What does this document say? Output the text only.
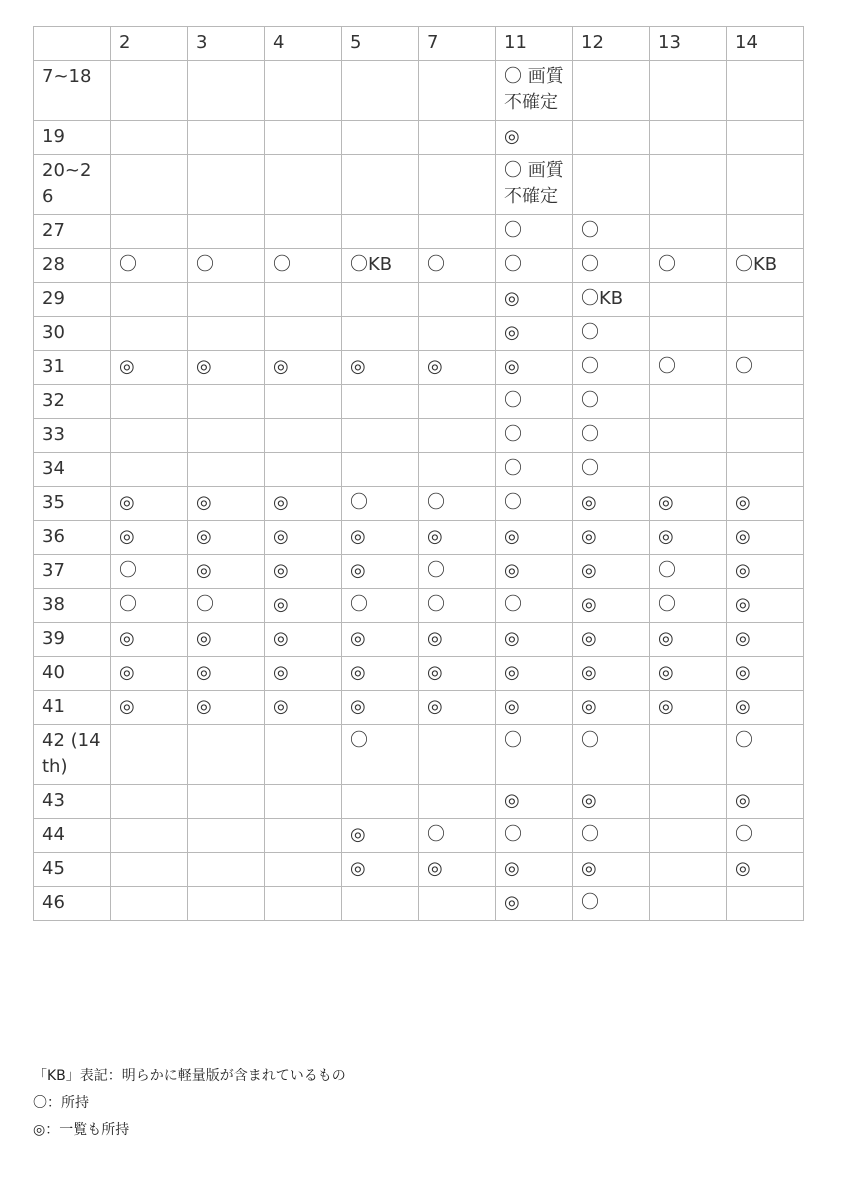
	2	3	4	5	7	11	12	13	14
7~18						〇 画質不確定			
19						◎			
20~26						〇 画質不確定			
27						〇	〇		
28	〇	〇	〇	〇KB	〇	〇	〇	〇	〇KB
29						◎	〇KB		
30						◎	〇		
31	◎	◎	◎	◎	◎	◎	〇	〇	〇
32						〇	〇		
33						〇	〇		
34						〇	〇		
35	◎	◎	◎	〇	〇	〇	◎	◎	◎
36	◎	◎	◎	◎	◎	◎	◎	◎	◎
37	〇	◎	◎	◎	〇	◎	◎	〇	◎
38	〇	〇	◎	〇	〇	〇	◎	〇	◎
39	◎	◎	◎	◎	◎	◎	◎	◎	◎
40	◎	◎	◎	◎	◎	◎	◎	◎	◎
41	◎	◎	◎	◎	◎	◎	◎	◎	◎
42 (14th)				〇		〇	〇		〇
43						◎	◎		◎
44				◎	〇	〇	〇		〇
45				◎	◎	◎	◎		◎
46						◎	〇		
「KB」表記：明らかに軽量版が含まれているもの
〇：所持
◎：一覧も所持
